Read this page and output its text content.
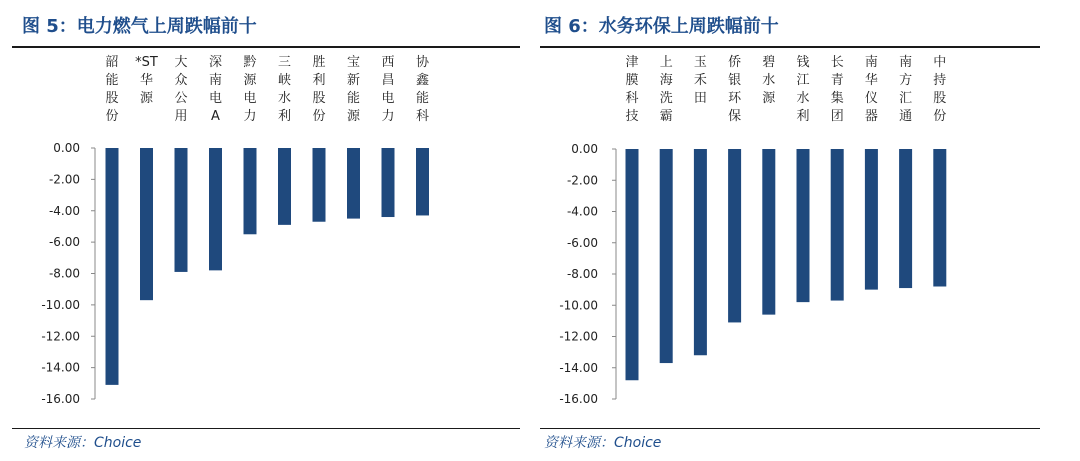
图 5：电力燃气上周跌幅前十
0.00
-2.00
-4.00
-6.00
-8.00
-10.00
-12.00
-14.00
-16.00
韶能股份
*ST 华源
大众公用
深南电 A
黔源电力
三峡水利
胜利股份
宝新能源
西昌电力
协鑫能科
资料来源：Choice
图 6：水务环保上周跌幅前十
0.00
-2.00
-4.00
-6.00
-8.00
-10.00
-12.00
-14.00
-16.00
津膜科技
上海洗霸
玉禾田
侨银环保
碧水源
钱江水利
长青集团
南华仪器
南方汇通
中持股份
资料来源：Choice
